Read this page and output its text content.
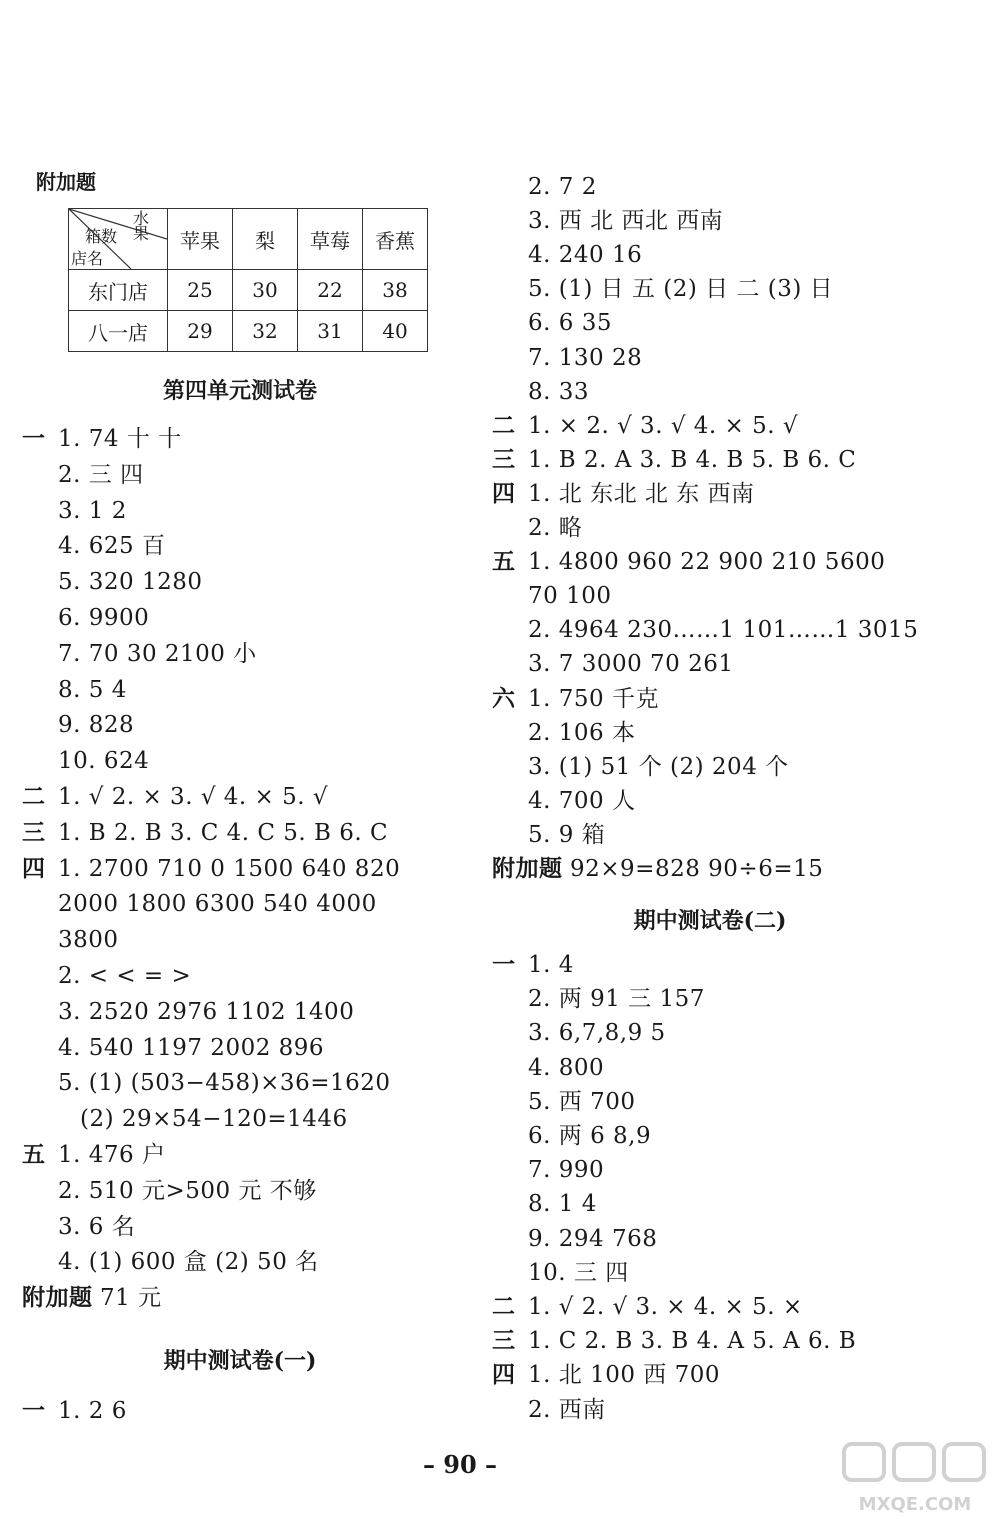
附加题
水果
箱数
店名	苹果	梨	草莓	香蕉
东门店	25	30	22	38
八一店	29	32	31	40
第四单元测试卷
一 1. 74 十 十
2. 三 四
3. 1 2
4. 625 百
5. 320 1280
6. 9900
7. 70 30 2100 小
8. 5 4
9. 828
10. 624
二 1. √ 2. × 3. √ 4. × 5. √
三 1. B 2. B 3. C 4. C 5. B 6. C
四 1. 2700 710 0 1500 640 820
2000 1800 6300 540 4000
3800
2. < < = >
3. 2520 2976 1102 1400
4. 540 1197 2002 896
5. (1) (503−458)×36=1620
(2) 29×54−120=1446
五 1. 476 户
2. 510 元>500 元 不够
3. 6 名
4. (1) 600 盒 (2) 50 名
附加题 71 元
期中测试卷(一)
一 1. 2 6
2. 7 2
3. 西 北 西北 西南
4. 240 16
5. (1) 日 五 (2) 日 二 (3) 日
6. 6 35
7. 130 28
8. 33
二 1. × 2. √ 3. √ 4. × 5. √
三 1. B 2. A 3. B 4. B 5. B 6. C
四 1. 北 东北 北 东 西南
2. 略
五 1. 4800 960 22 900 210 5600
70 100
2. 4964 230……1 101……1 3015
3. 7 3000 70 261
六 1. 750 千克
2. 106 本
3. (1) 51 个 (2) 204 个
4. 700 人
5. 9 箱
附加题 92×9=828 90÷6=15
期中测试卷(二)
一 1. 4
2. 两 91 三 157
3. 6,7,8,9 5
4. 800
5. 西 700
6. 两 6 8,9
7. 990
8. 1 4
9. 294 768
10. 三 四
二 1. √ 2. √ 3. × 4. × 5. ×
三 1. C 2. B 3. B 4. A 5. A 6. B
四 1. 北 100 西 700
2. 西南
– 90 –
MXQE.COM
